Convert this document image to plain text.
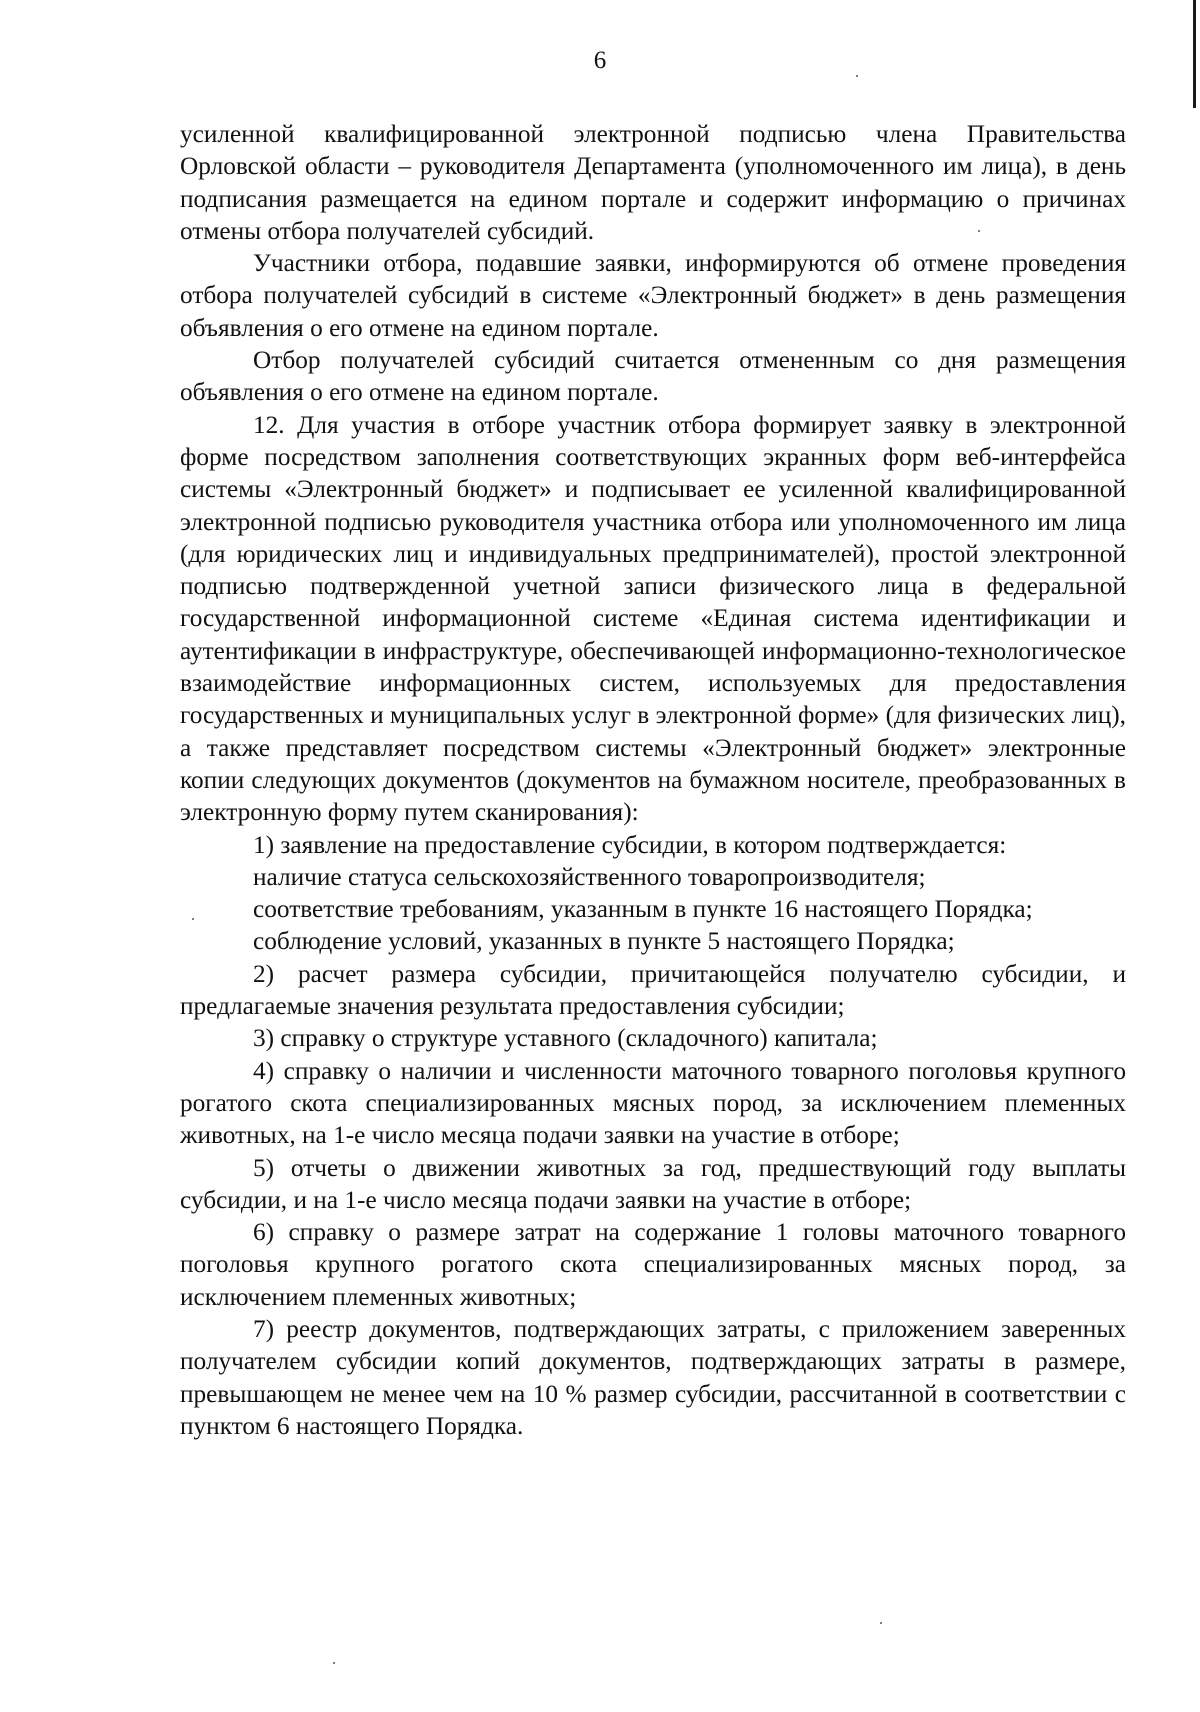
6

усиленной квалифицированной электронной подписью члена Правительства Орловской области – руководителя Департамента (уполномоченного им лица), в день подписания размещается на едином портале и содержит информацию о причинах отмены отбора получателей субсидий.

Участники отбора, подавшие заявки, информируются об отмене проведения отбора получателей субсидий в системе «Электронный бюджет» в день размещения объявления о его отмене на едином портале.

Отбор получателей субсидий считается отмененным со дня размещения объявления о его отмене на едином портале.

12. Для участия в отборе участник отбора формирует заявку в электронной форме посредством заполнения соответствующих экранных форм веб-интерфейса системы «Электронный бюджет» и подписывает ее усиленной квалифицированной электронной подписью руководителя участника отбора или уполномоченного им лица (для юридических лиц и индивидуальных предпринимателей), простой электронной подписью подтвержденной учетной записи физического лица в федеральной государственной информационной системе «Единая система идентификации и аутентификации в инфраструктуре, обеспечивающей информационно-технологическое взаимодействие информационных систем, используемых для предоставления государственных и муниципальных услуг в электронной форме» (для физических лиц), а также представляет посредством системы «Электронный бюджет» электронные копии следующих документов (документов на бумажном носителе, преобразованных в электронную форму путем сканирования):

1) заявление на предоставление субсидии, в котором подтверждается:

наличие статуса сельскохозяйственного товаропроизводителя;

соответствие требованиям, указанным в пункте 16 настоящего Порядка;

соблюдение условий, указанных в пункте 5 настоящего Порядка;

2) расчет размера субсидии, причитающейся получателю субсидии, и предлагаемые значения результата предоставления субсидии;

3) справку о структуре уставного (складочного) капитала;

4) справку о наличии и численности маточного товарного поголовья крупного рогатого скота специализированных мясных пород, за исключением племенных животных, на 1-е число месяца подачи заявки на участие в отборе;

5) отчеты о движении животных за год, предшествующий году выплаты субсидии, и на 1-е число месяца подачи заявки на участие в отборе;

6) справку о размере затрат на содержание 1 головы маточного товарного поголовья крупного рогатого скота специализированных мясных пород, за исключением племенных животных;

7) реестр документов, подтверждающих затраты, с приложением заверенных получателем субсидии копий документов, подтверждающих затраты в размере, превышающем не менее чем на 10 % размер субсидии, рассчитанной в соответствии с пунктом 6 настоящего Порядка.
